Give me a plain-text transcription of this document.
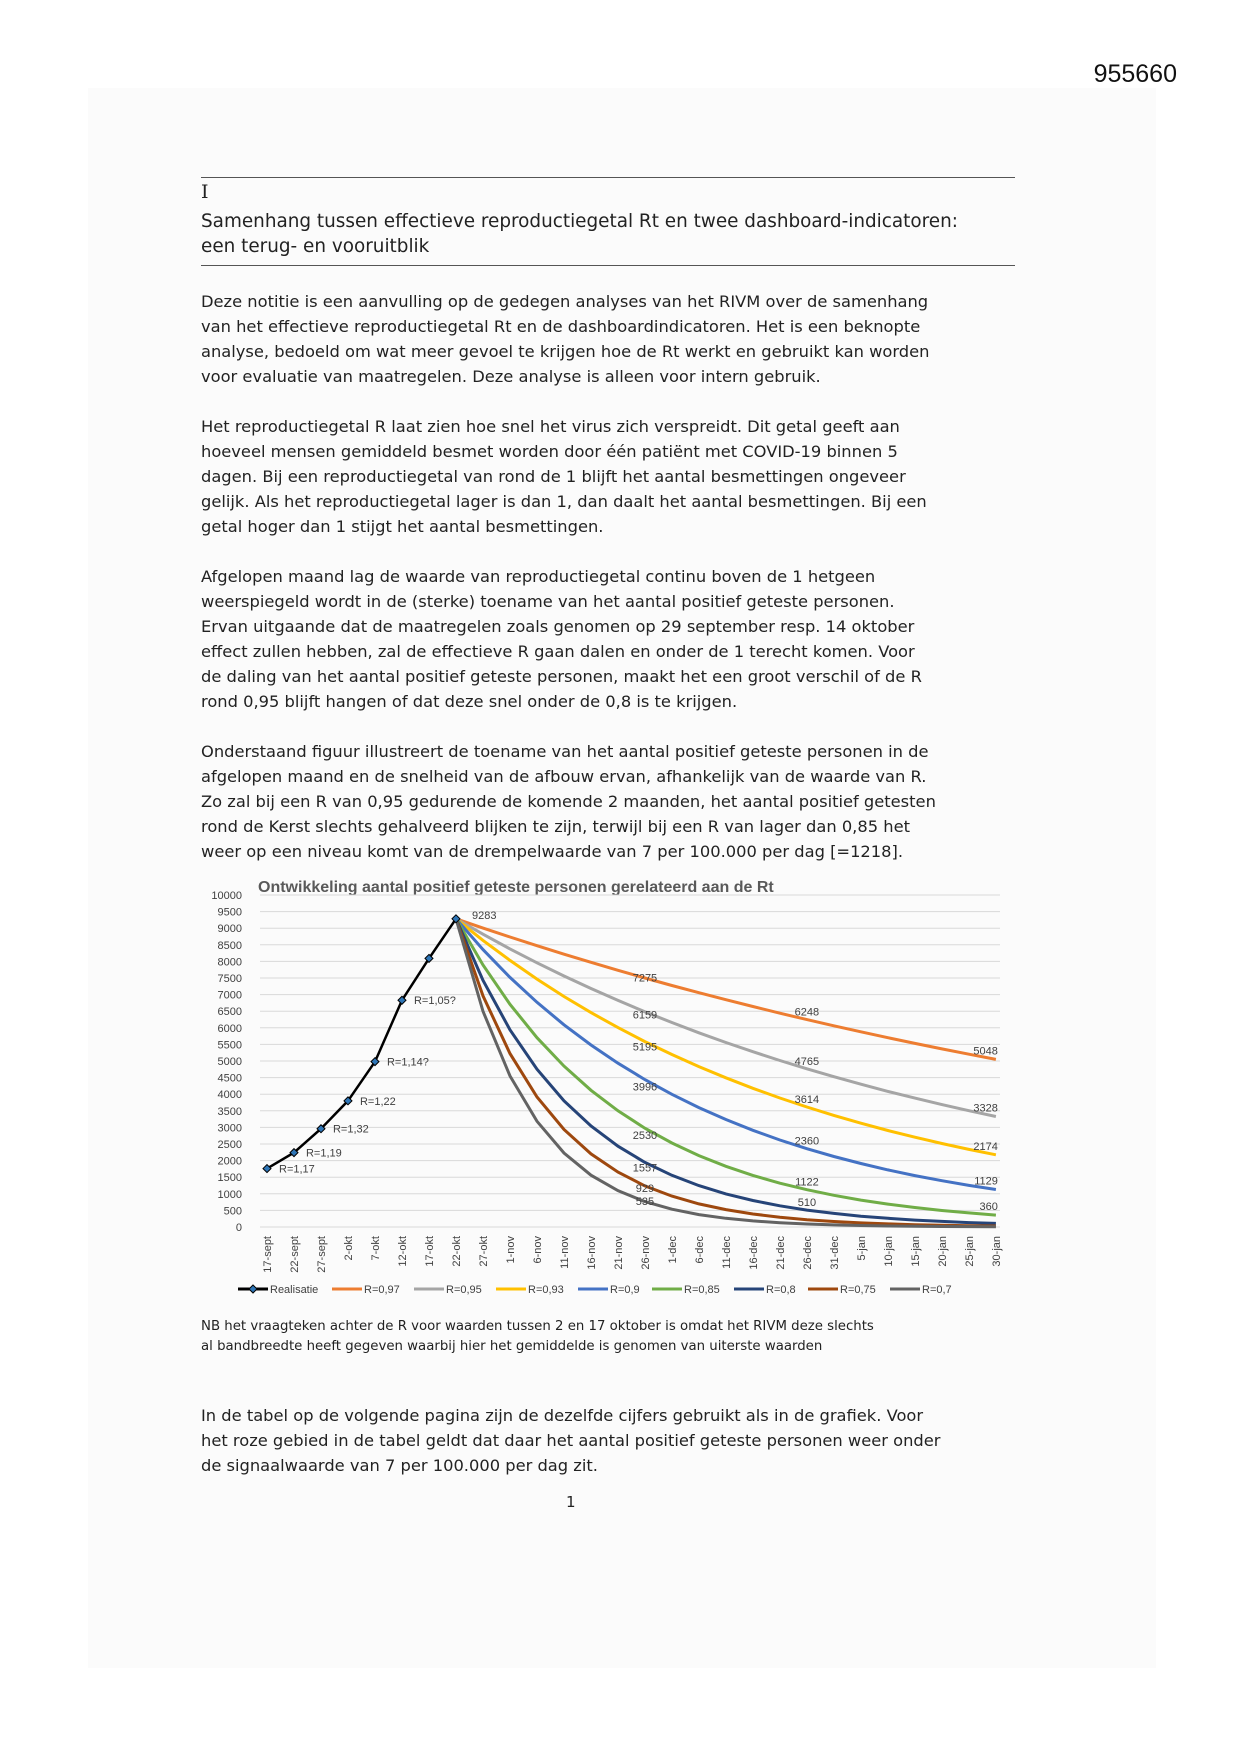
955660
I
Samenhang tussen effectieve reproductiegetal Rt en twee dashboard-indicatoren:
een terug- en vooruitblik
Deze notitie is een aanvulling op de gedegen analyses van het RIVM over de samenhang
van het effectieve reproductiegetal Rt en de dashboardindicatoren. Het is een beknopte
analyse, bedoeld om wat meer gevoel te krijgen hoe de Rt werkt en gebruikt kan worden
voor evaluatie van maatregelen. Deze analyse is alleen voor intern gebruik.
Het reproductiegetal R laat zien hoe snel het virus zich verspreidt. Dit getal geeft aan
hoeveel mensen gemiddeld besmet worden door één patiënt met COVID-19 binnen 5
dagen. Bij een reproductiegetal van rond de 1 blijft het aantal besmettingen ongeveer
gelijk. Als het reproductiegetal lager is dan 1, dan daalt het aantal besmettingen. Bij een
getal hoger dan 1 stijgt het aantal besmettingen.
Afgelopen maand lag de waarde van reproductiegetal continu boven de 1 hetgeen
weerspiegeld wordt in de (sterke) toename van het aantal positief geteste personen.
Ervan uitgaande dat de maatregelen zoals genomen op 29 september resp. 14 oktober
effect zullen hebben, zal de effectieve R gaan dalen en onder de 1 terecht komen. Voor
de daling van het aantal positief geteste personen, maakt het een groot verschil of de R
rond 0,95 blijft hangen of dat deze snel onder de 0,8 is te krijgen.
Onderstaand figuur illustreert de toename van het aantal positief geteste personen in de
afgelopen maand en de snelheid van de afbouw ervan, afhankelijk van de waarde van R.
Zo zal bij een R van 0,95 gedurende de komende 2 maanden, het aantal positief getesten
rond de Kerst slechts gehalveerd blijken te zijn, terwijl bij een R van lager dan 0,85 het
weer op een niveau komt van de drempelwaarde van 7 per 100.000 per dag [=1218].
Ontwikkeling aantal positief geteste personen gerelateerd aan de Rt
0
500
1000
1500
2000
2500
3000
3500
4000
4500
5000
5500
6000
6500
7000
7500
8000
8500
9000
9500
10000
17-sept 22-sept 27-sept 2-okt 7-okt 12-okt 17-okt 22-okt 27-okt 1-nov 6-nov 11-nov 16-nov 21-nov 26-nov 1-dec 6-dec 11-dec 16-dec 21-dec 26-dec 31-dec 5-jan 10-jan 15-jan 20-jan 25-jan 30-jan
R=1,17
R=1,19
R=1,32
R=1,22
R=1,14?
R=1,05?
9283
7275
6159
5195
3996
2530
1557
929
535
6248
4765
3614
2360
1122
510
5048
3328
2174
1129
360
Realisatie	R=0,97	R=0,95	R=0,93	R=0,9	R=0,85	R=0,8	R=0,75	R=0,7
NB het vraagteken achter de R voor waarden tussen 2 en 17 oktober is omdat het RIVM deze slechts
al bandbreedte heeft gegeven waarbij hier het gemiddelde is genomen van uiterste waarden
In de tabel op de volgende pagina zijn de dezelfde cijfers gebruikt als in de grafiek. Voor
het roze gebied in de tabel geldt dat daar het aantal positief geteste personen weer onder
de signaalwaarde van 7 per 100.000 per dag zit.
1
